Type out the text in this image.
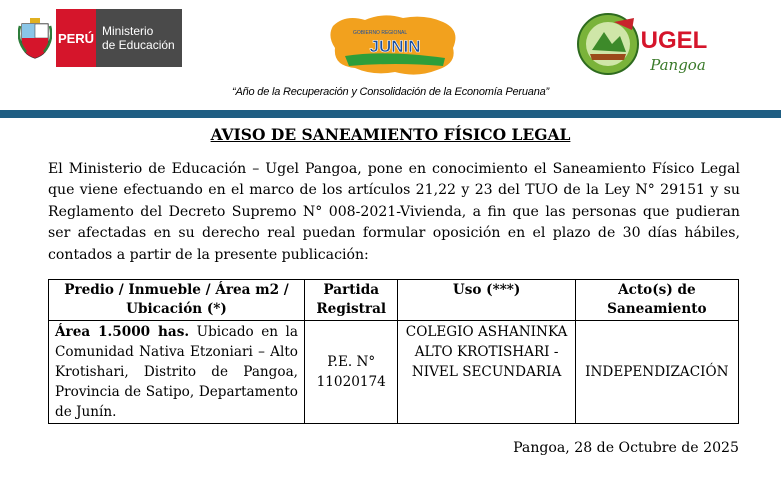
PERÚ Ministerio
de Educación
GOBIERNO REGIONAL
JUNIN	UGEL
Pangoa
“Año de la Recuperación y Consolidación de la Economía Peruana”
AVISO DE SANEAMIENTO FÍSICO LEGAL
El Ministerio de Educación – Ugel Pangoa, pone en conocimiento el Saneamiento Físico Legal que viene efectuando en el marco de los artículos 21,22 y 23 del TUO de la Ley N° 29151 y su Reglamento del Decreto Supremo N° 008-2021-Vivienda, a fin que las personas que pudieran ser afectadas en su derecho real puedan formular oposición en el plazo de 30 días hábiles, contados a partir de la presente publicación:
Predio / Inmueble / Área m2 / Ubicación (*)	Partida Registral	Uso (***)	Acto(s) de Saneamiento
Área 1.5000 has. Ubicado en la Comunidad Nativa Etzoniari – Alto Krotishari, Distrito de Pangoa, Provincia de Satipo, Departamento de Junín.	P.E. N° 11020174	COLEGIO ASHANINKA ALTO KROTISHARI - NIVEL SECUNDARIA	INDEPENDIZACIÓN
Pangoa, 28 de Octubre de 2025
